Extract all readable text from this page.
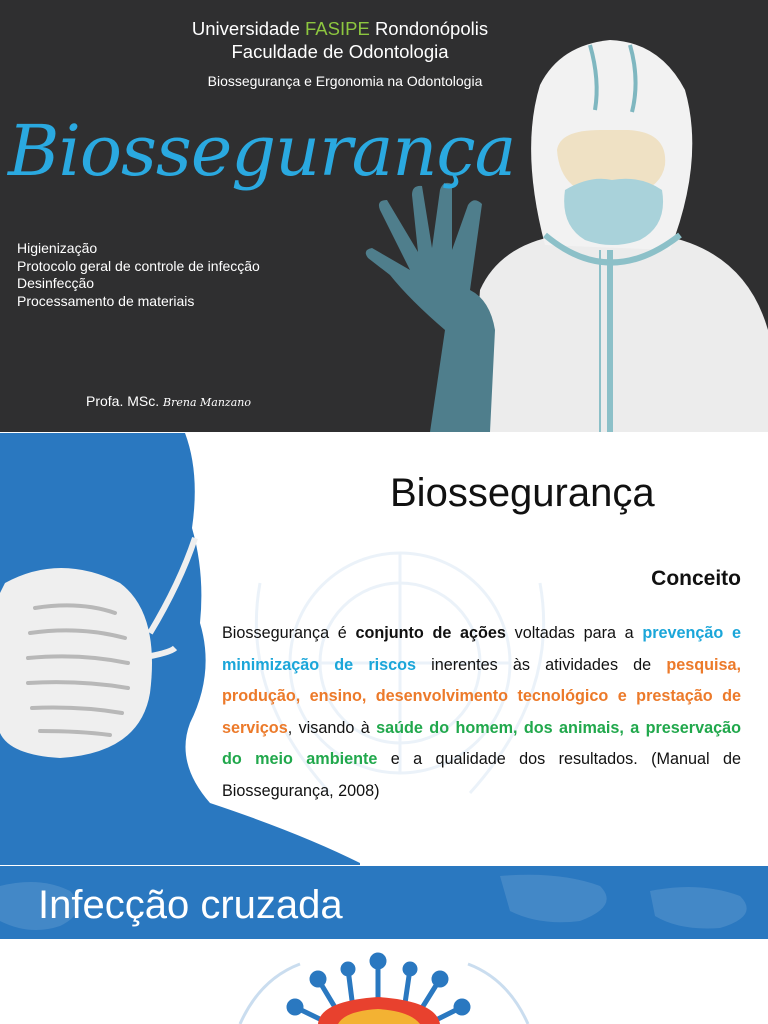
Universidade FASIPE Rondonópolis
Faculdade de Odontologia
Biossegurança e Ergonomia na Odontologia
Biossegurança
Higienização
Protocolo geral de controle de infecção
Desinfecção
Processamento de materiais
Profa. MSc. Brena Manzano
Biossegurança
Conceito
Biossegurança é conjunto de ações voltadas para a prevenção e minimização de riscos inerentes às atividades de pesquisa, produção, ensino, desenvolvimento tecnológico e prestação de serviços, visando à saúde do homem, dos animais, a preservação do meio ambiente e a qualidade dos resultados. (Manual de Biossegurança, 2008)
Infecção cruzada
